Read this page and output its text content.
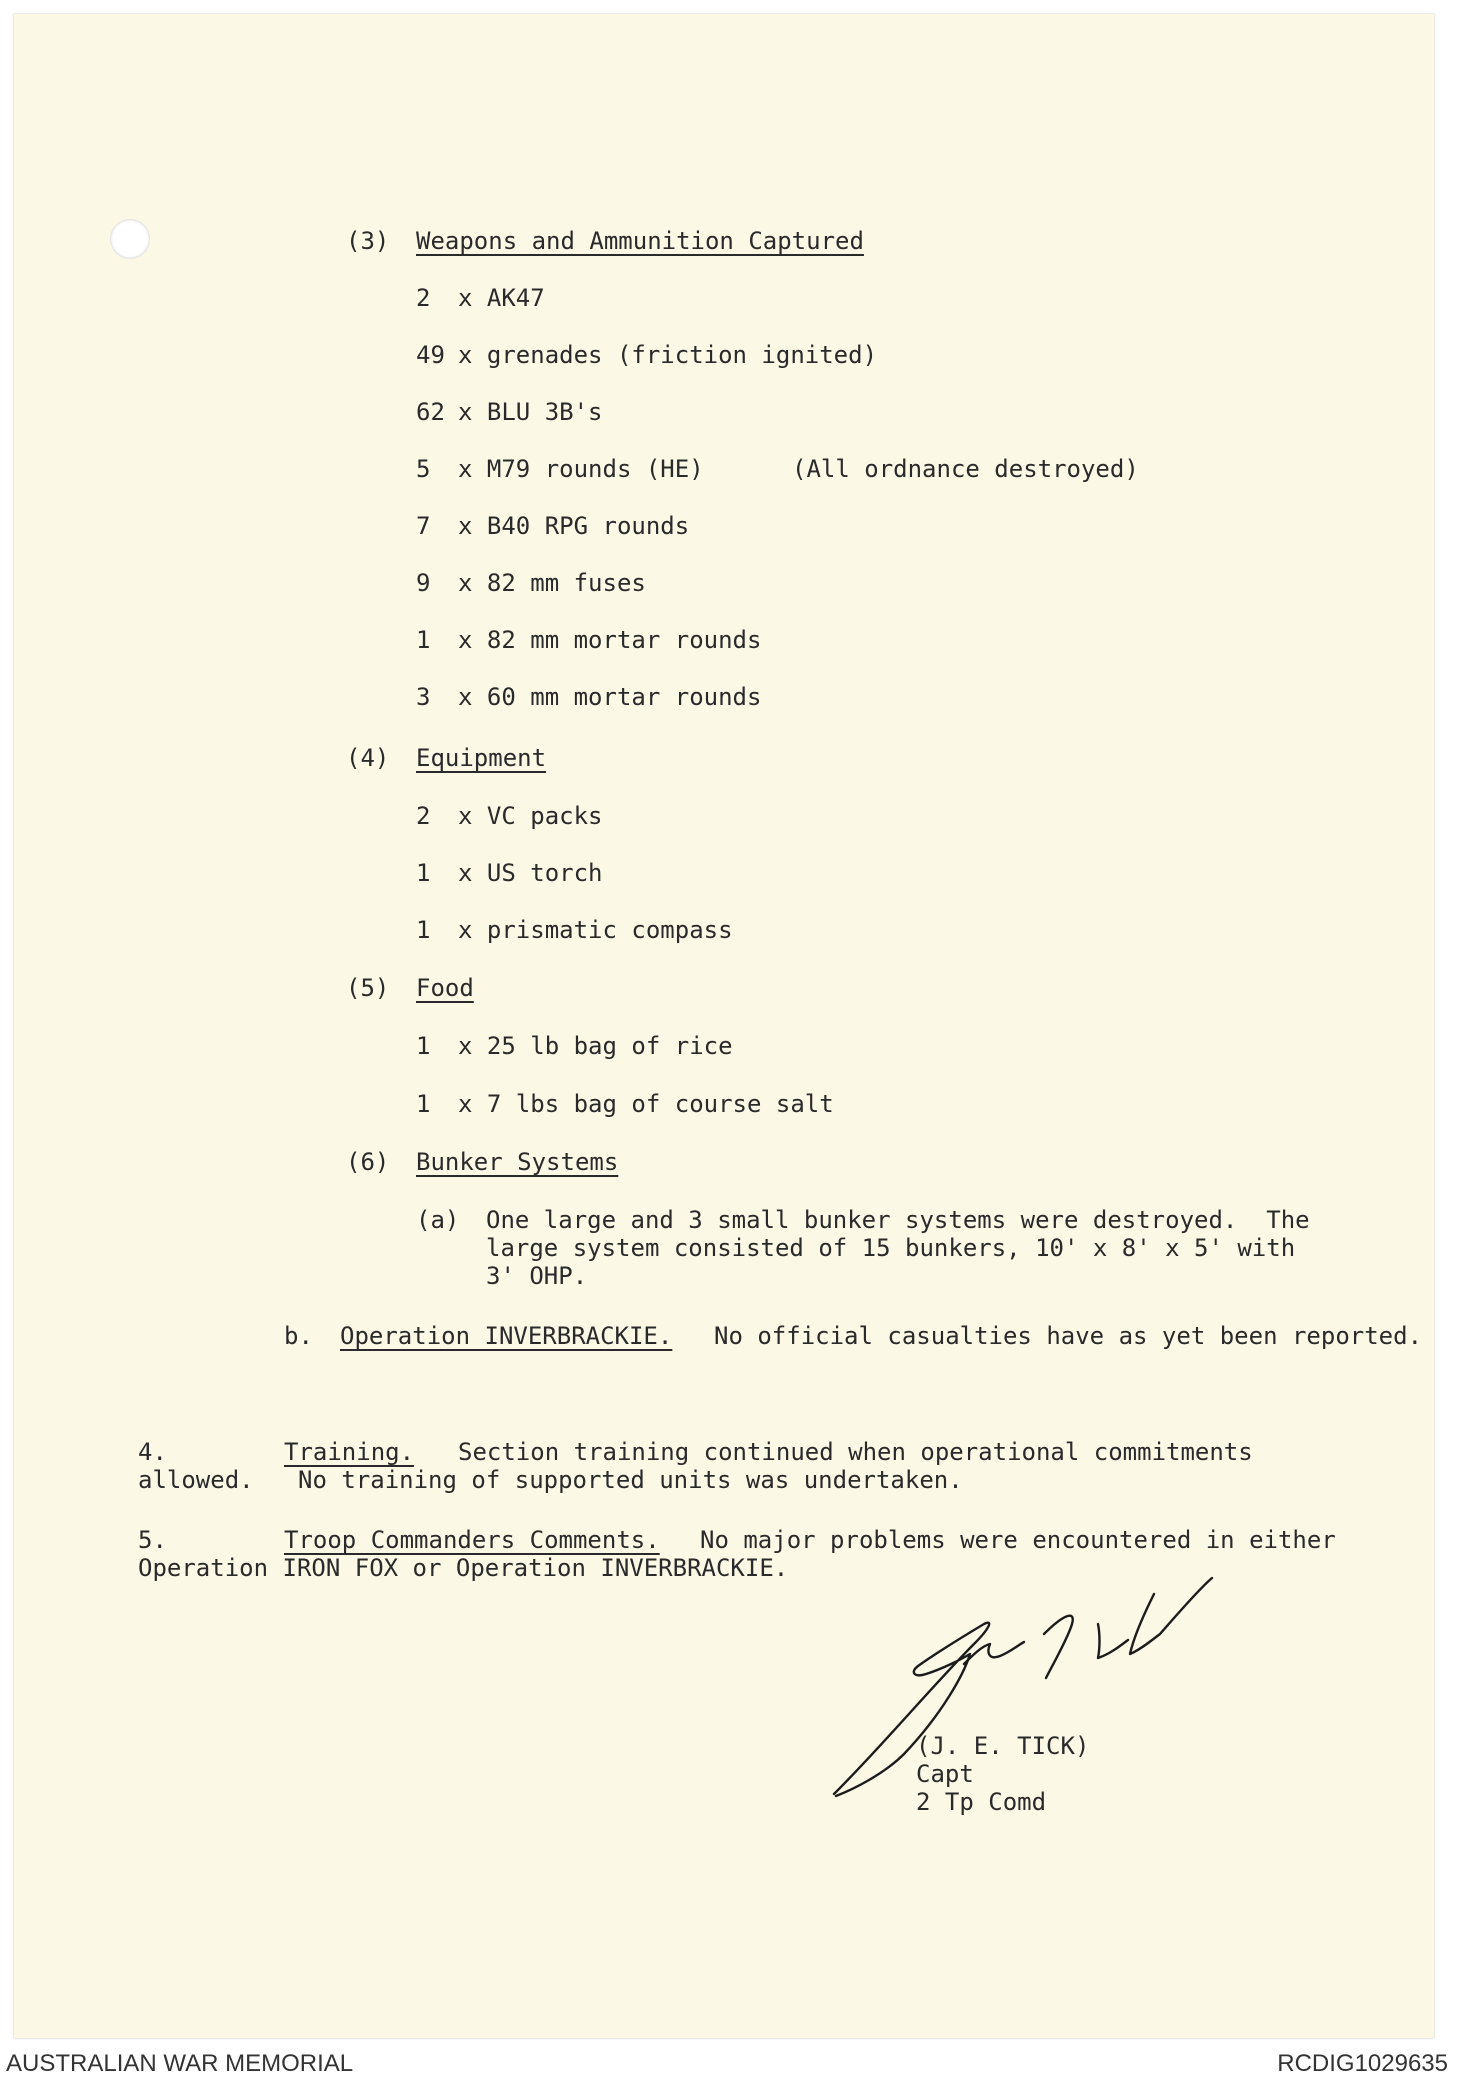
(3) Weapons and Ammunition Captured
2 x AK47
49 x grenades (friction ignited)
62 x BLU 3B's
5 x M79 rounds (HE)	(All ordnance destroyed)
7 x B40 RPG rounds
9 x 82 mm fuses
1 x 82 mm mortar rounds
3 x 60 mm mortar rounds
(4) Equipment
2 x VC packs
1 x US torch
1 x prismatic compass
(5) Food
1 x 25 lb bag of rice
1 x 7 lbs bag of course salt
(6) Bunker Systems
(a) One large and 3 small bunker systems were destroyed.  The
large system consisted of 15 bunkers, 10' x 8' x 5' with
3' OHP.
b. Operation INVERBRACKIE. No official casualties have as yet been reported.
4.	Training. Section training continued when operational commitments
allowed. No training of supported units was undertaken.
5.	Troop Commanders Comments. No major problems were encountered in either
Operation IRON FOX or Operation INVERBRACKIE.
(J. E. TICK)
Capt
2 Tp Comd
AUSTRALIAN WAR MEMORIAL	RCDIG1029635
